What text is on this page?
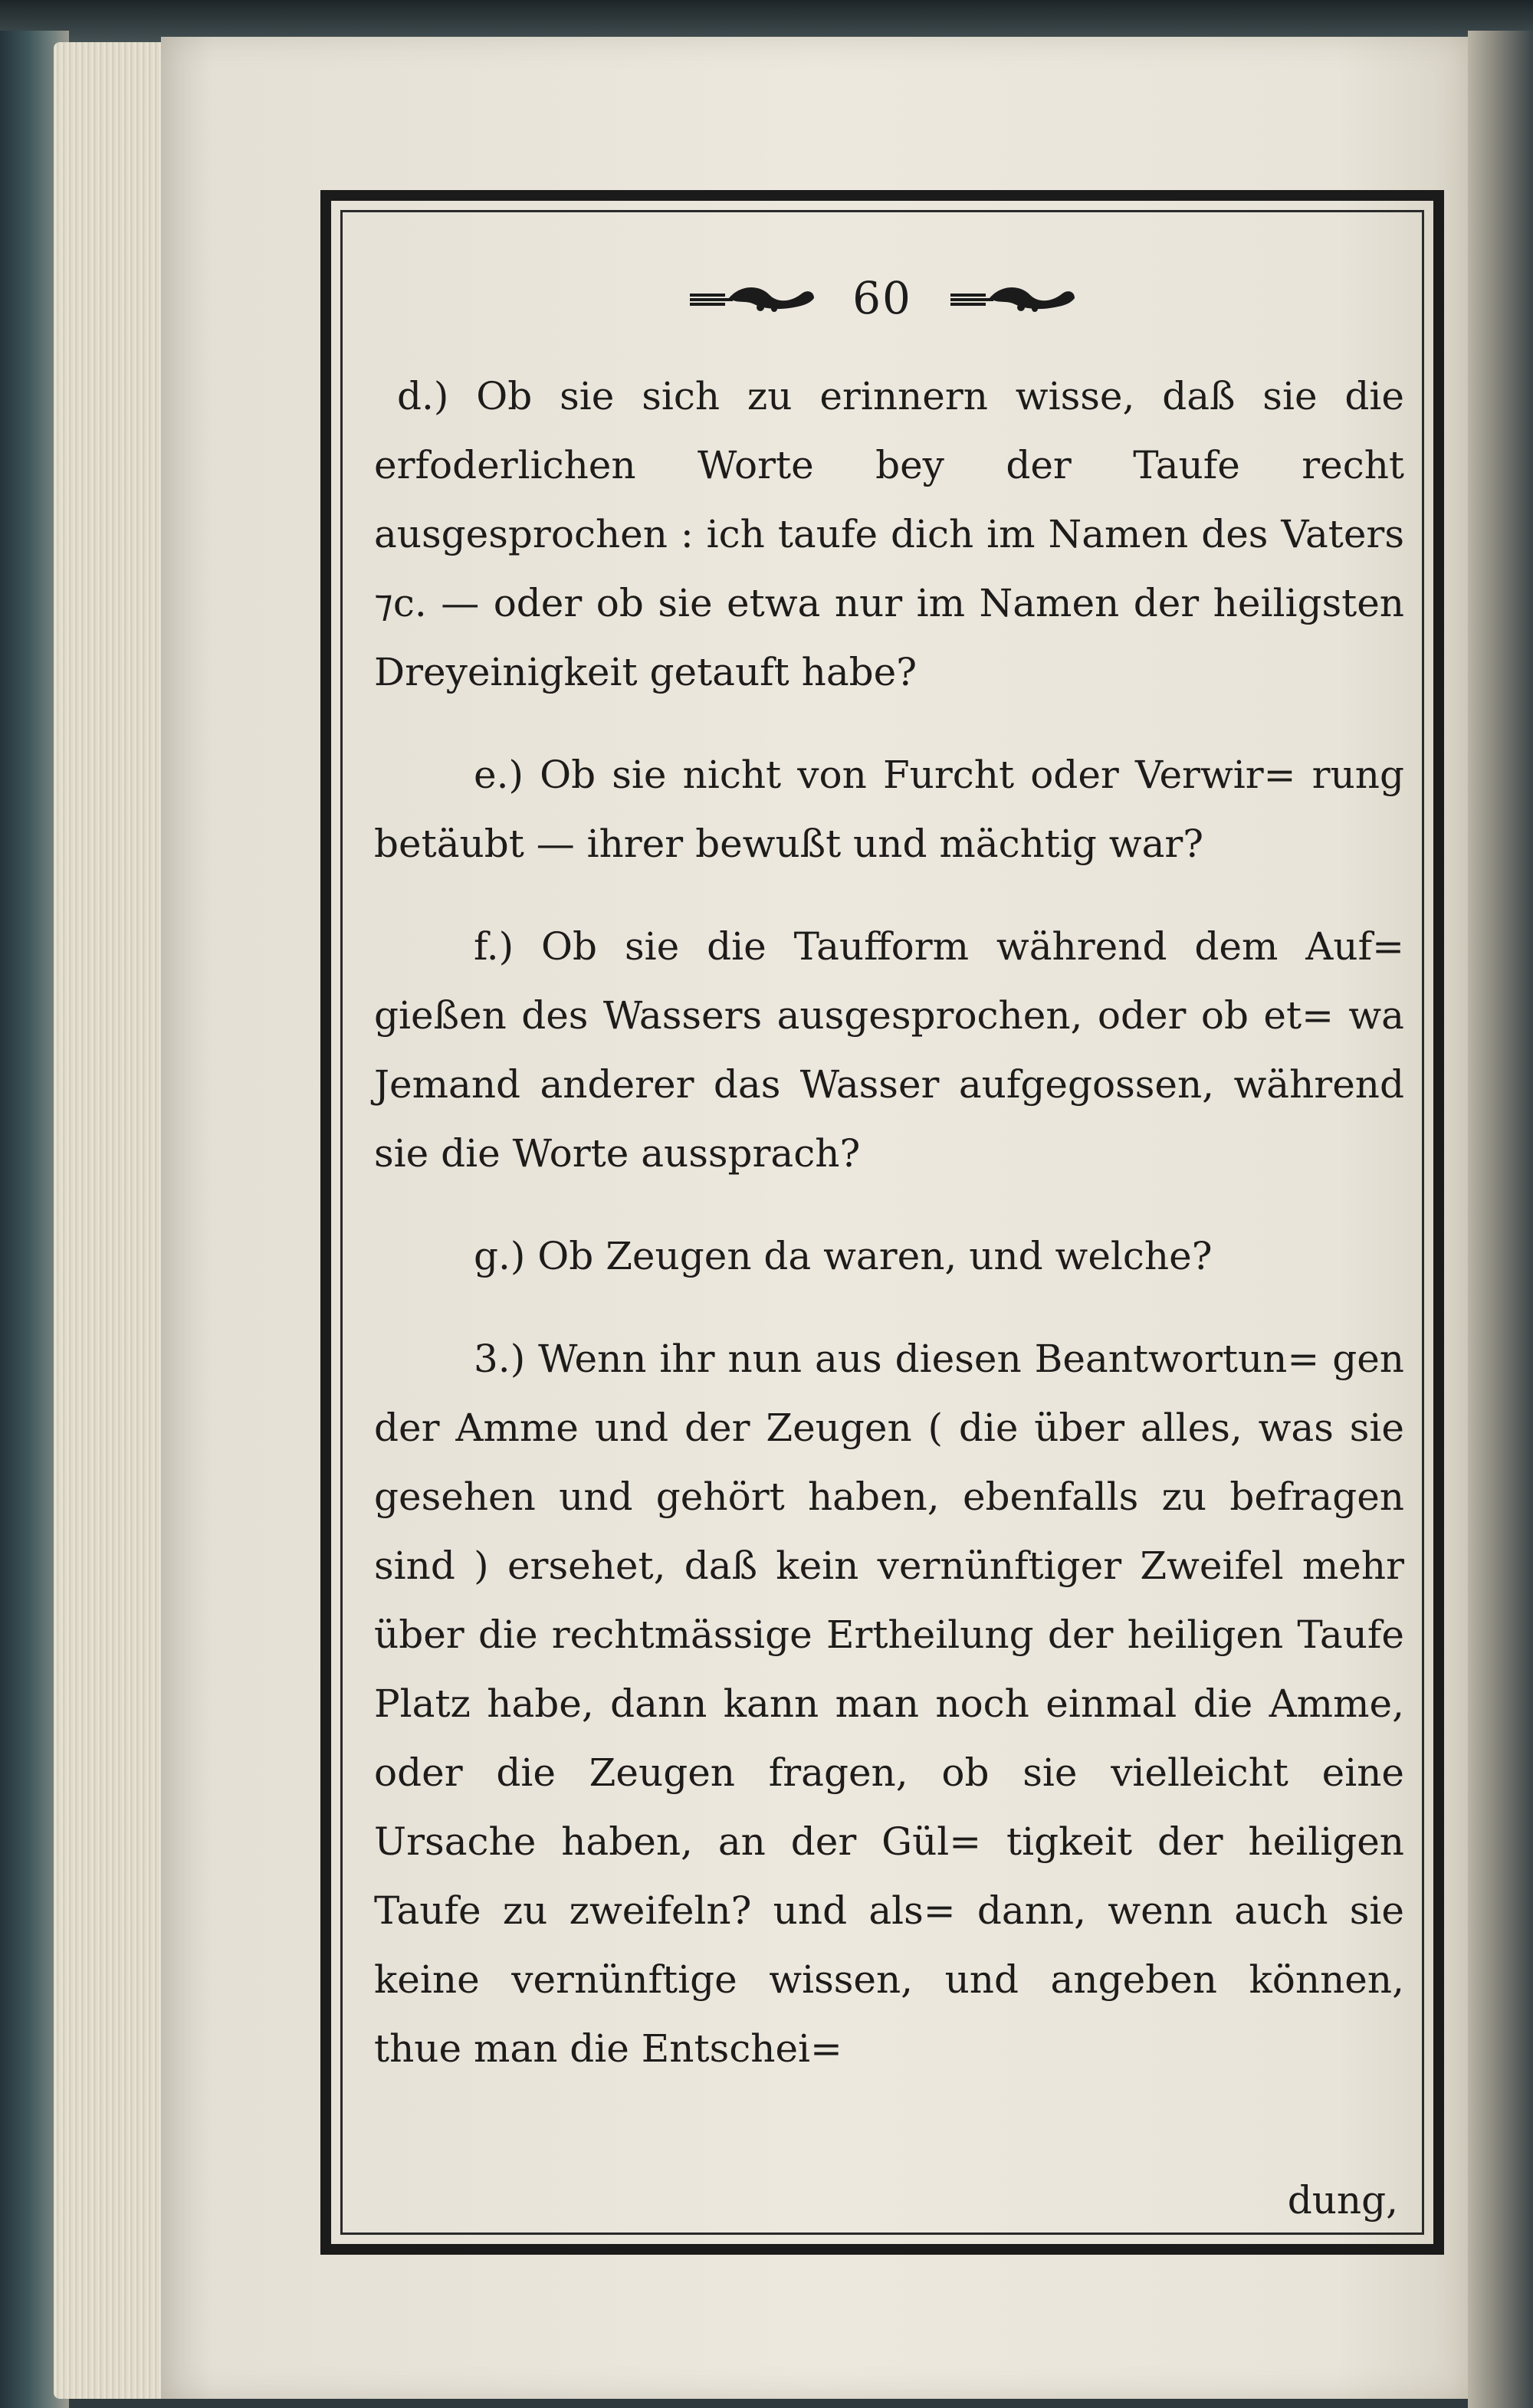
60

d.) Ob sie sich zu erinnern wisse, daß sie die erfoderlichen Worte bey der Taufe recht ausgesprochen : ich taufe dich im Namen des Vaters ⁊c. — oder ob sie etwa nur im Namen der heiligsten Dreyeinigkeit getauft habe?

e.) Ob sie nicht von Furcht oder Verwir= rung betäubt — ihrer bewußt und mächtig war?

f.) Ob sie die Taufform während dem Auf= gießen des Wassers ausgesprochen, oder ob et= wa Jemand anderer das Wasser aufgegossen, während sie die Worte aussprach?

g.) Ob Zeugen da waren, und welche?

3.) Wenn ihr nun aus diesen Beantwortun= gen der Amme und der Zeugen ( die über alles, was sie gesehen und gehört haben, ebenfalls zu befragen sind ) ersehet, daß kein vernünftiger Zweifel mehr über die rechtmässige Ertheilung der heiligen Taufe Platz habe, dann kann man noch einmal die Amme, oder die Zeugen fragen, ob sie vielleicht eine Ursache haben, an der Gül= tigkeit der heiligen Taufe zu zweifeln? und als= dann, wenn auch sie keine vernünftige wissen, und angeben können, thue man die Entschei=

dung,
